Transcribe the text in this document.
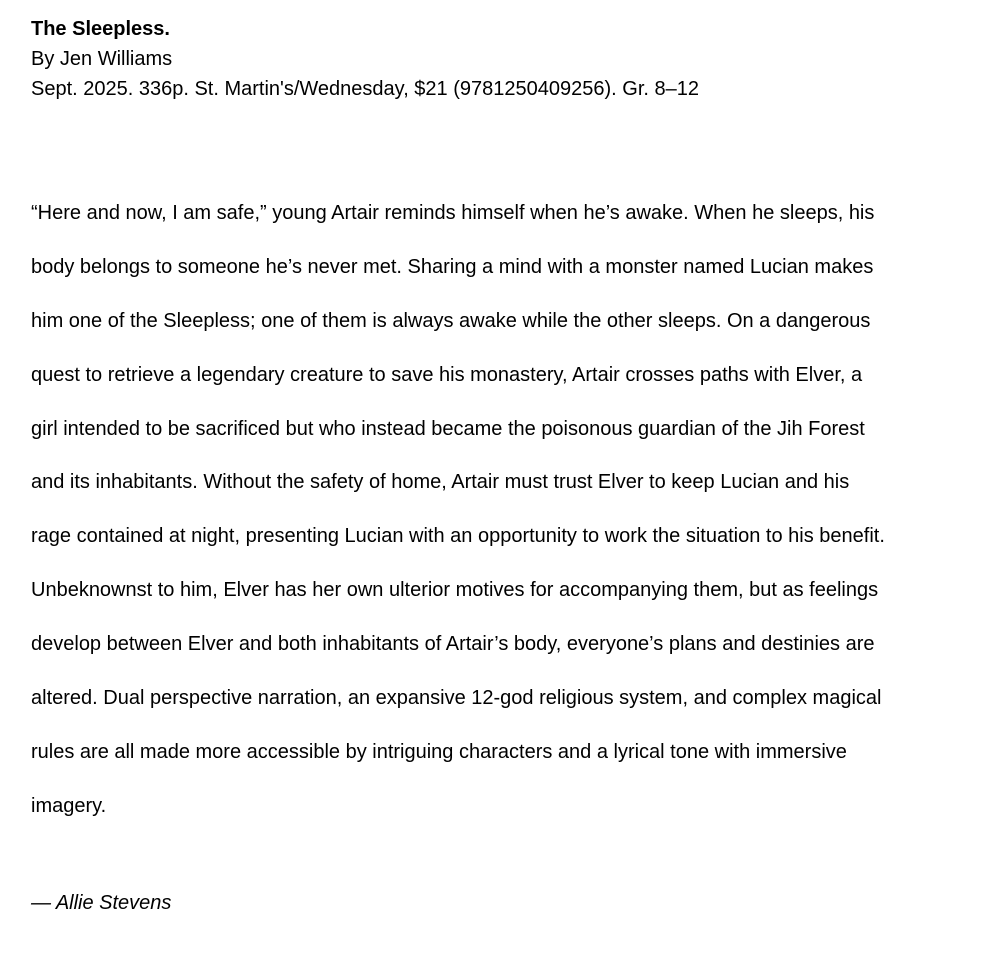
The Sleepless.
By Jen Williams
Sept. 2025. 336p. St. Martin's/Wednesday, $21 (9781250409256). Gr. 8–12
“Here and now, I am safe,” young Artair reminds himself when he’s awake. When he sleeps, his
body belongs to someone he’s never met. Sharing a mind with a monster named Lucian makes
him one of the Sleepless; one of them is always awake while the other sleeps. On a dangerous
quest to retrieve a legendary creature to save his monastery, Artair crosses paths with Elver, a
girl intended to be sacrificed but who instead became the poisonous guardian of the Jih Forest
and its inhabitants. Without the safety of home, Artair must trust Elver to keep Lucian and his
rage contained at night, presenting Lucian with an opportunity to work the situation to his benefit.
Unbeknownst to him, Elver has her own ulterior motives for accompanying them, but as feelings
develop between Elver and both inhabitants of Artair’s body, everyone’s plans and destinies are
altered. Dual perspective narration, an expansive 12-god religious system, and complex magical
rules are all made more accessible by intriguing characters and a lyrical tone with immersive
imagery.
— Allie Stevens
